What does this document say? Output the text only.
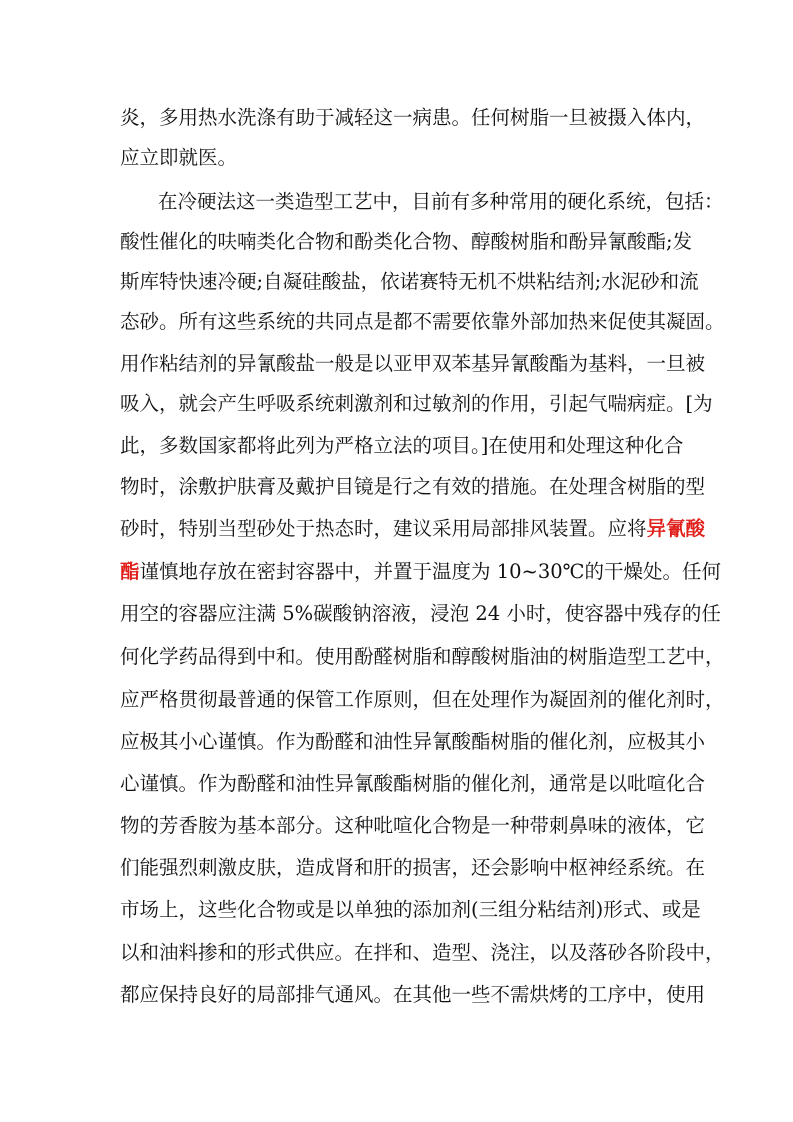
炎，多用热水洗涤有助于减轻这一病患。任何树脂一旦被摄入体内，
应立即就医。
在冷硬法这一类造型工艺中，目前有多种常用的硬化系统，包括：
酸性催化的呋喃类化合物和酚类化合物、醇酸树脂和酚异氰酸酯;发
斯库特快速冷硬;自凝硅酸盐，依诺赛特无机不烘粘结剂;水泥砂和流
态砂。所有这些系统的共同点是都不需要依靠外部加热来促使其凝固。
用作粘结剂的异氰酸盐一般是以亚甲双苯基异氰酸酯为基料，一旦被
吸入，就会产生呼吸系统刺激剂和过敏剂的作用，引起气喘病症。[为
此，多数国家都将此列为严格立法的项目。]在使用和处理这种化合
物时，涂敷护肤膏及戴护目镜是行之有效的措施。在处理含树脂的型
砂时，特别当型砂处于热态时，建议采用局部排风装置。应将异氰酸
酯谨慎地存放在密封容器中，并置于温度为 10~30℃的干燥处。任何
用空的容器应注满 5%碳酸钠溶液，浸泡 24 小时，使容器中残存的任
何化学药品得到中和。使用酚醛树脂和醇酸树脂油的树脂造型工艺中，
应严格贯彻最普通的保管工作原则，但在处理作为凝固剂的催化剂时，
应极其小心谨慎。作为酚醛和油性异氰酸酯树脂的催化剂，应极其小
心谨慎。作为酚醛和油性异氰酸酯树脂的催化剂，通常是以吡喧化合
物的芳香胺为基本部分。这种吡喧化合物是一种带刺鼻味的液体，它
们能强烈刺激皮肤，造成肾和肝的损害，还会影响中枢神经系统。在
市场上，这些化合物或是以单独的添加剂(三组分粘结剂)形式、或是
以和油料掺和的形式供应。在拌和、造型、浇注，以及落砂各阶段中，
都应保持良好的局部排气通风。在其他一些不需烘烤的工序中，使用
